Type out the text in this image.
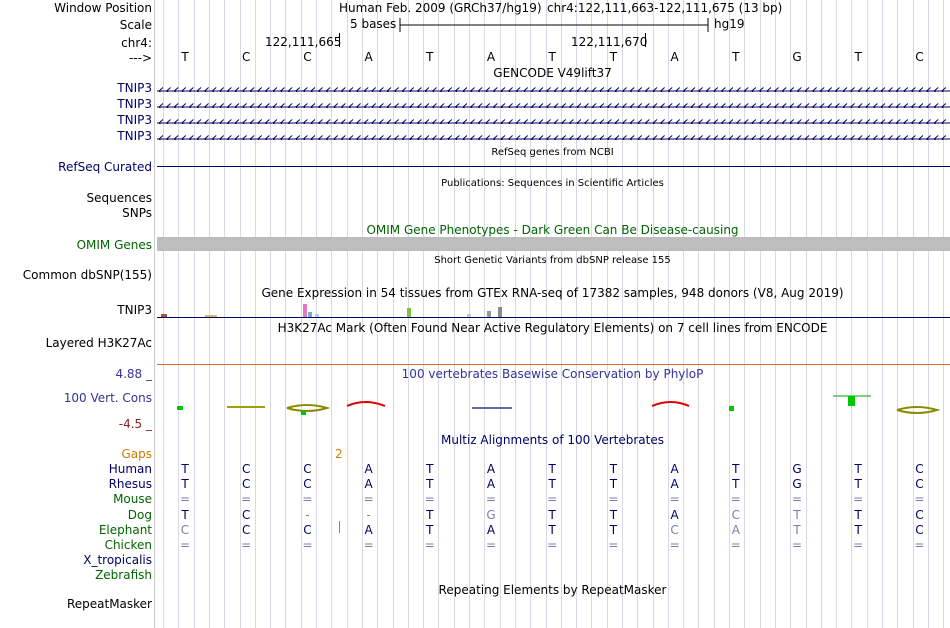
Window Position	Human Feb. 2009 (GRCh37/hg19) chr4:122,111,663-122,111,675 (13 bp)
Scale	5 bases	hg19
chr4:	122,111,665	122,111,670
--->	T	C	C	A	T	A	T	T	A	T	G	T	C
GENCODE V49lift37
TNIP3
TNIP3
TNIP3
TNIP3
RefSeq genes from NCBI
RefSeq Curated
Publications: Sequences in Scientific Articles
Sequences
SNPs
OMIM Gene Phenotypes - Dark Green Can Be Disease-causing
OMIM Genes
Short Genetic Variants from dbSNP release 155
Common dbSNP(155)
Gene Expression in 54 tissues from GTEx RNA-seq of 17382 samples, 948 donors (V8, Aug 2019)
TNIP3
H3K27Ac Mark (Often Found Near Active Regulatory Elements) on 7 cell lines from ENCODE
Layered H3K27Ac
100 vertebrates Basewise Conservation by PhyloP
4.88 _
100 Vert. Cons
-4.5 _
Multiz Alignments of 100 Vertebrates
Gaps	2
Human	T	C	C	A	T	A	T	T	A	T	G	T	C
Rhesus	T	C	C	A	T	A	T	T	A	T	G	T	C
Mouse	=	=	=	=	=	=	=	=	=	=	=	=	=
Dog	T	C	-	-	T	G	T	T	A	C	T	T	C
Elephant	C	C	C	A	T	A	T	T	C	A	T	T	C
Chicken	=	=	=	=	=	=	=	=	=	=	=	=	=
X_tropicalis
Zebrafish
Repeating Elements by RepeatMasker
RepeatMasker
